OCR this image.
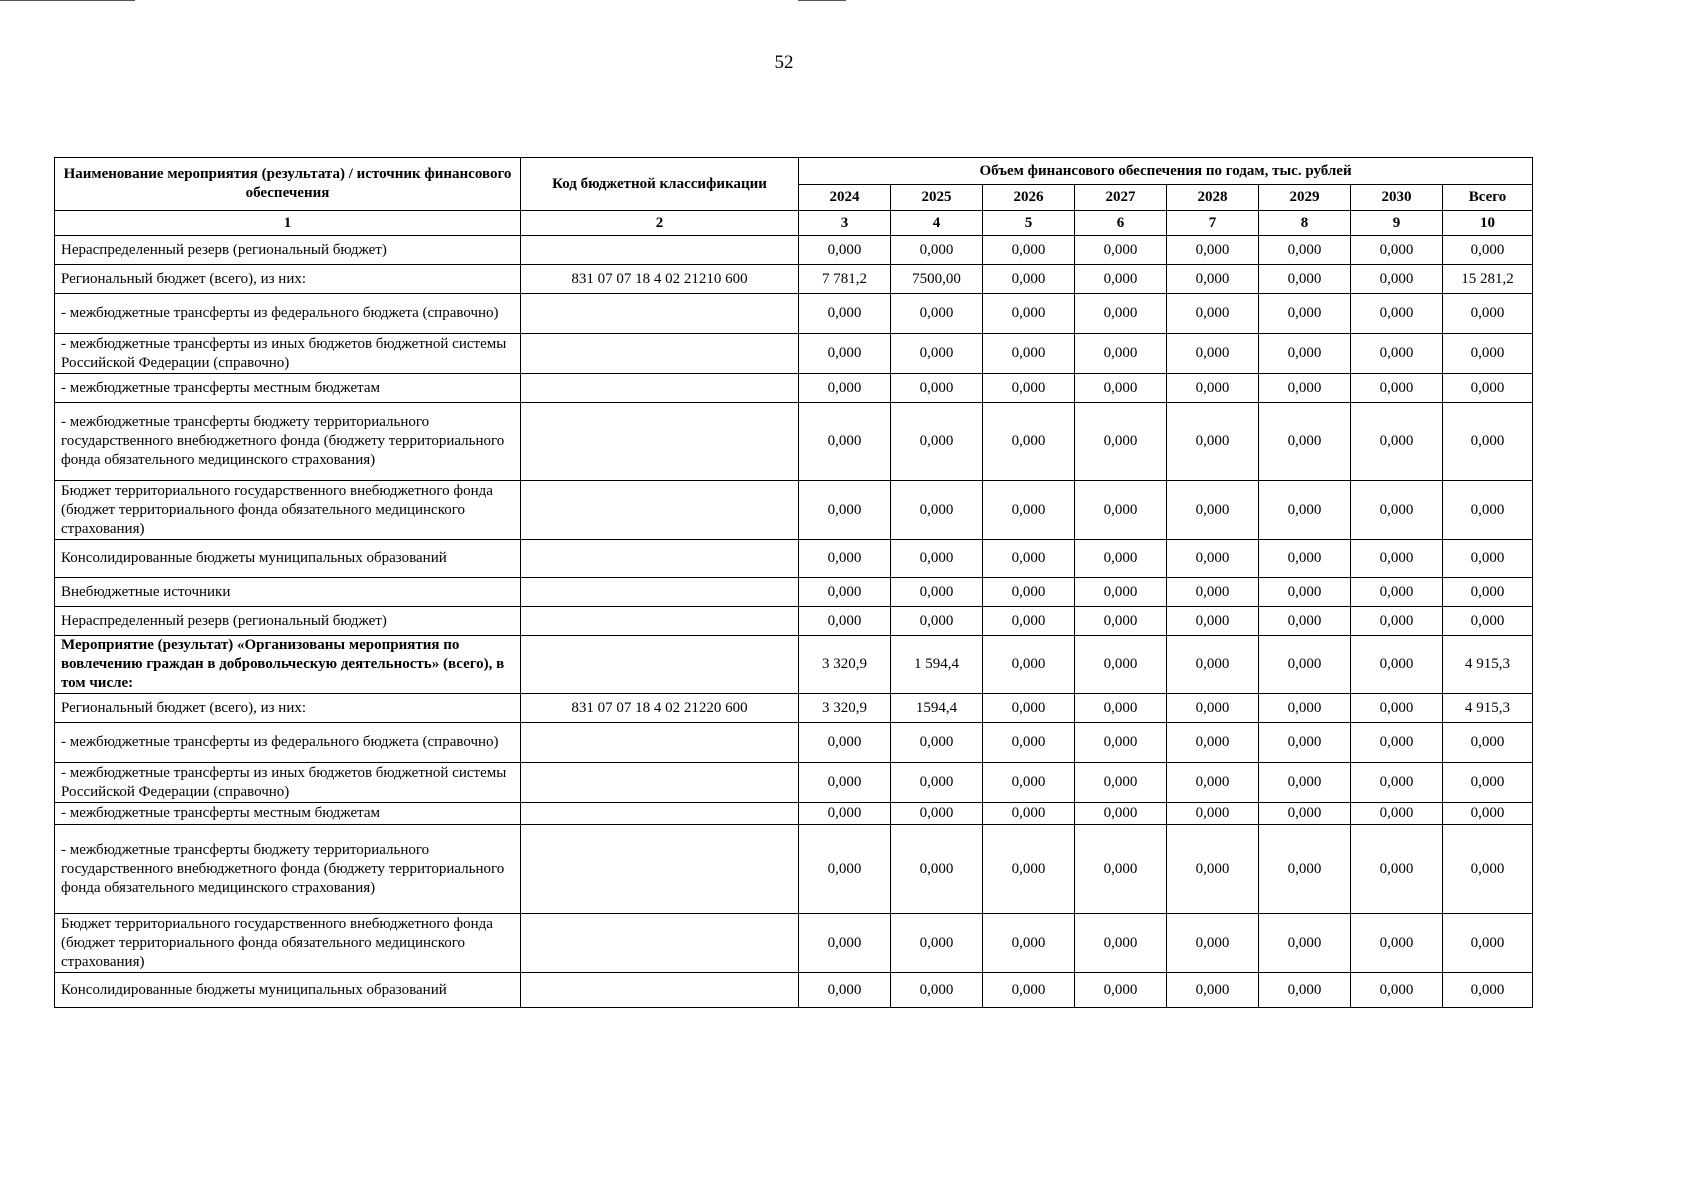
52
Наименование мероприятия (результата) / источник финансового обеспечения	Код бюджетной классификации	Объем финансового обеспечения по годам, тыс. рублей							
		2024	2025	2026	2027	2028	2029	2030	Всего
1	2	3	4	5	6	7	8	9	10
Нераспределенный резерв (региональный бюджет)		0,000	0,000	0,000	0,000	0,000	0,000	0,000	0,000
Региональный бюджет (всего), из них:	831 07 07 18 4 02 21210 600	7 781,2	7500,00	0,000	0,000	0,000	0,000	0,000	15 281,2
- межбюджетные трансферты из федерального бюджета (справочно)		0,000	0,000	0,000	0,000	0,000	0,000	0,000	0,000
- межбюджетные трансферты из иных бюджетов бюджетной системы Российской Федерации (справочно)		0,000	0,000	0,000	0,000	0,000	0,000	0,000	0,000
- межбюджетные трансферты местным бюджетам		0,000	0,000	0,000	0,000	0,000	0,000	0,000	0,000
- межбюджетные трансферты бюджету территориального государственного внебюджетного фонда (бюджету территориального фонда обязательного медицинского страхования)		0,000	0,000	0,000	0,000	0,000	0,000	0,000	0,000
Бюджет территориального государственного внебюджетного фонда (бюджет территориального фонда обязательного медицинского страхования)		0,000	0,000	0,000	0,000	0,000	0,000	0,000	0,000
Консолидированные бюджеты муниципальных образований		0,000	0,000	0,000	0,000	0,000	0,000	0,000	0,000
Внебюджетные источники		0,000	0,000	0,000	0,000	0,000	0,000	0,000	0,000
Нераспределенный резерв (региональный бюджет)		0,000	0,000	0,000	0,000	0,000	0,000	0,000	0,000
Мероприятие (результат) «Организованы мероприятия по вовлечению граждан в добровольческую деятельность» (всего), в том числе:		3 320,9	1 594,4	0,000	0,000	0,000	0,000	0,000	4 915,3
Региональный бюджет (всего), из них:	831 07 07 18 4 02 21220 600	3 320,9	1594,4	0,000	0,000	0,000	0,000	0,000	4 915,3
- межбюджетные трансферты из федерального бюджета (справочно)		0,000	0,000	0,000	0,000	0,000	0,000	0,000	0,000
- межбюджетные трансферты из иных бюджетов бюджетной системы Российской Федерации (справочно)		0,000	0,000	0,000	0,000	0,000	0,000	0,000	0,000
- межбюджетные трансферты местным бюджетам		0,000	0,000	0,000	0,000	0,000	0,000	0,000	0,000
- межбюджетные трансферты бюджету территориального государственного внебюджетного фонда (бюджету территориального фонда обязательного медицинского страхования)		0,000	0,000	0,000	0,000	0,000	0,000	0,000	0,000
Бюджет территориального государственного внебюджетного фонда (бюджет территориального фонда обязательного медицинского страхования)		0,000	0,000	0,000	0,000	0,000	0,000	0,000	0,000
Консолидированные бюджеты муниципальных образований		0,000	0,000	0,000	0,000	0,000	0,000	0,000	0,000
